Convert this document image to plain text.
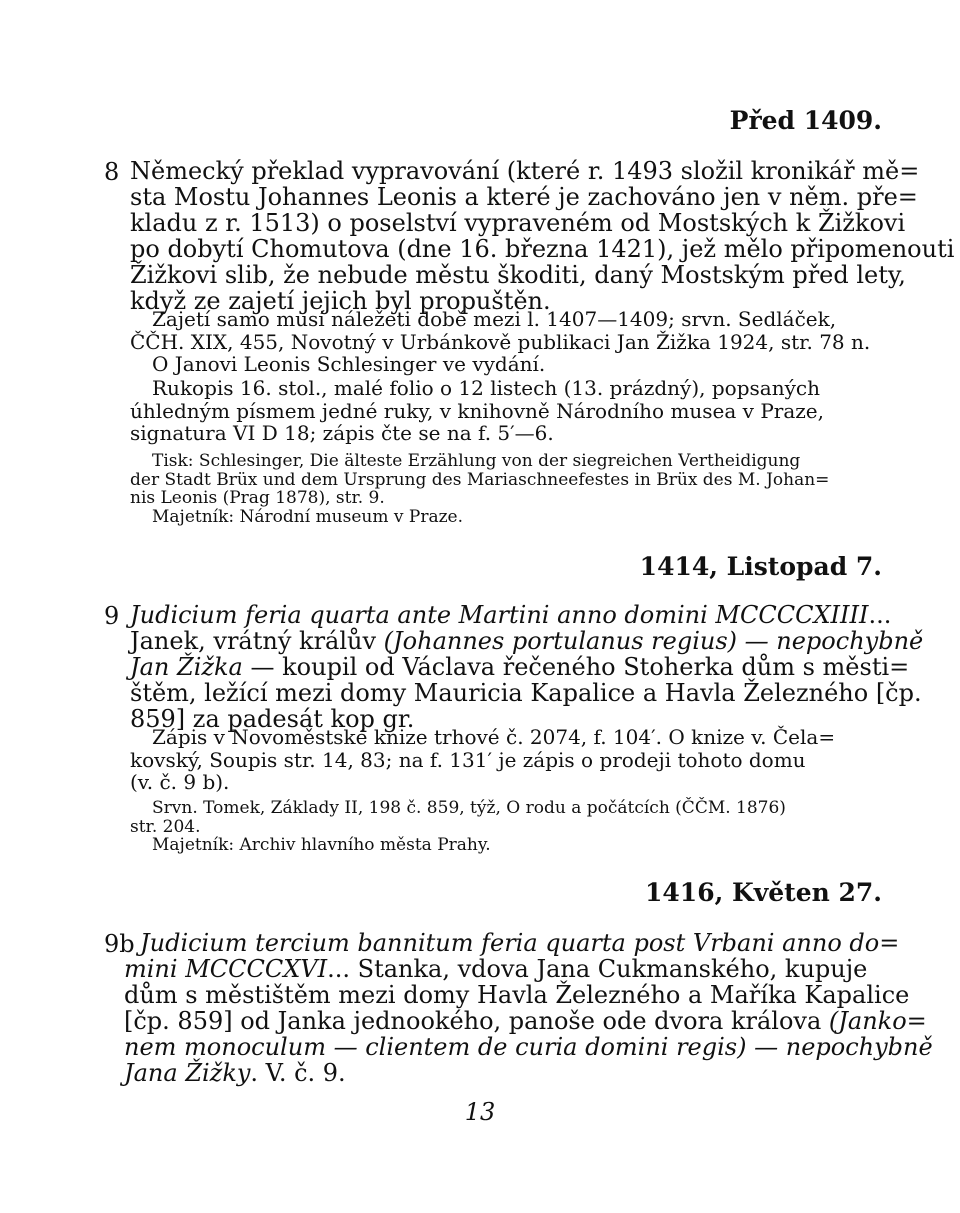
Před 1409.
8 Německý překlad vypravování (které r. 1493 složil kronikář mě=
sta Mostu Johannes Leonis a které je zachováno jen v něm. pře=
kladu z r. 1513) o poselství vypraveném od Mostských k Žižkovi
po dobytí Chomutova (dne 16. března 1421), jež mělo připomenouti
Žižkovi slib, že nebude městu škoditi, daný Mostským před lety,
když ze zajetí jejich byl propuštěn.
Zajetí samo musí náležeti době mezi l. 1407—1409; srvn. Sedláček,
ČČH. XIX, 455, Novotný v Urbánkově publikaci Jan Žižka 1924, str. 78 n.
O Janovi Leonis Schlesinger ve vydání.
Rukopis 16. stol., malé folio o 12 listech (13. prázdný), popsaných
úhledným písmem jedné ruky, v knihovně Národního musea v Praze,
signatura VI D 18; zápis čte se na f. 5′—6.
Tisk: Schlesinger, Die älteste Erzählung von der siegreichen Vertheidigung
der Stadt Brüx und dem Ursprung des Mariaschneefestes in Brüx des M. Johan=
nis Leonis (Prag 1878), str. 9.
Majetník: Národní museum v Praze.
1414, Listopad 7.
9 Judicium feria quarta ante Martini anno domini MCCCCXIIII...
Janek, vrátný králův (Johannes portulanus regius) — nepochybně
Jan Žižka — koupil od Václava řečeného Stoherka dům s městi=
štěm, ležící mezi domy Mauricia Kapalice a Havla Železného [čp.
859] za padesát kop gr.
Zápis v Novoměstské knize trhové č. 2074, f. 104′. O knize v. Čela=
kovský, Soupis str. 14, 83; na f. 131′ je zápis o prodeji tohoto domu
(v. č. 9 b).
Srvn. Tomek, Základy II, 198 č. 859, týž, O rodu a počátcích (ČČM. 1876)
str. 204.
Majetník: Archiv hlavního města Prahy.
1416, Květen 27.
9b Judicium tercium bannitum feria quarta post Vrbani anno do=
mini MCCCCXVI... Stanka, vdova Jana Cukmanského, kupuje
dům s městištěm mezi domy Havla Železného a Maříka Kapalice
[čp. 859] od Janka jednookého, panoše ode dvora králova (Janko=
nem monoculum — clientem de curia domini regis) — nepochybně
Jana Žižky. V. č. 9.
13
